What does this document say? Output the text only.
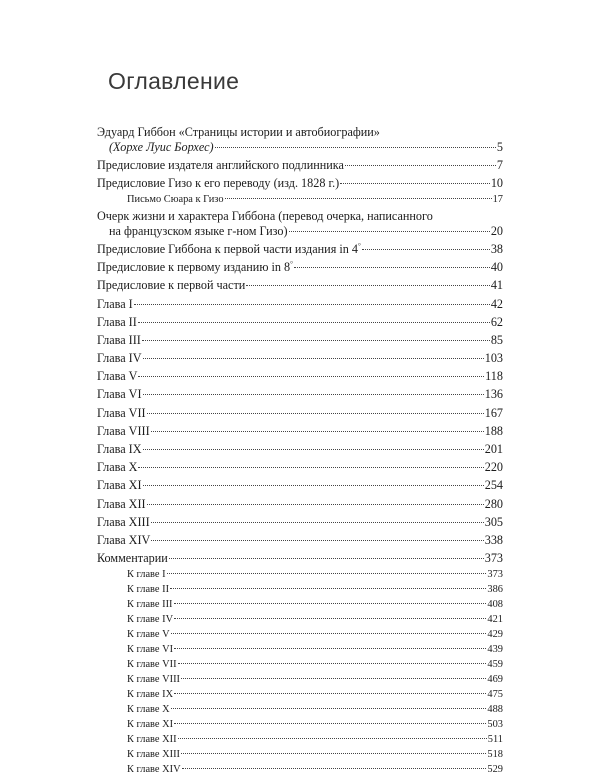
Оглавление
Эдуард Гиббон «Страницы истории и автобиографии»
(Хорхе Луис Борхес)	5
Предисловие издателя английского подлинника	7
Предисловие Гизо к его переводу (изд. 1828 г.)	10
Письмо Сюара к Гизо	17
Очерк жизни и характера Гиббона (перевод очерка, написанного
на французском языке г-ном Гизо)	20
Предисловие Гиббона к первой части издания in 4°	38
Предисловие к первому изданию in 8°	40
Предисловие к первой части	41
Глава I	42
Глава II	62
Глава III	85
Глава IV	103
Глава V	118
Глава VI	136
Глава VII	167
Глава VIII	188
Глава IX	201
Глава X	220
Глава XI	254
Глава XII	280
Глава XIII	305
Глава XIV	338
Комментарии	373
К главе I	373
К главе II	386
К главе III	408
К главе IV	421
К главе V	429
К главе VI	439
К главе VII	459
К главе VIII	469
К главе IX	475
К главе X	488
К главе XI	503
К главе XII	511
К главе XIII	518
К главе XIV	529
